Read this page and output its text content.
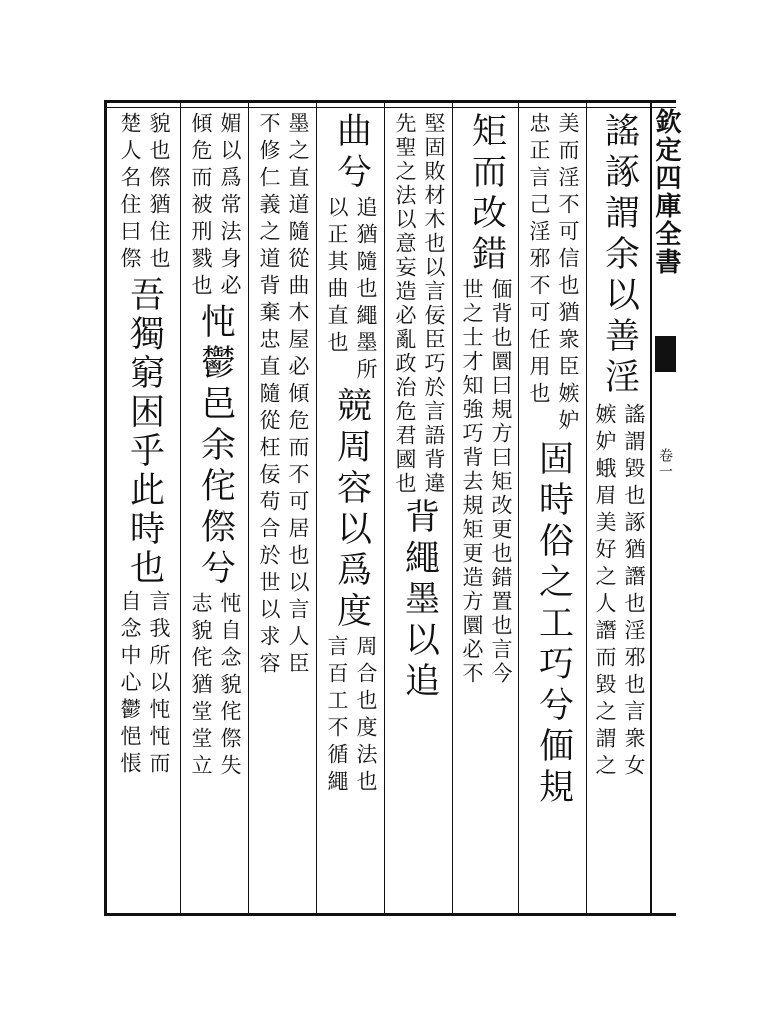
欽定四庫全書
卷一
謠諑謂余以善淫
謠謂毀也諑猶譖也淫邪也言衆女
嫉妒蛾眉美好之人譖而毀之謂之
美而淫不可信也猶衆臣嫉妒
忠正言己淫邪不可任用也
固時俗之工巧兮偭規
矩而改錯
偭背也圜曰規方曰矩改更也錯置也言今
世之士才知強巧背去規矩更造方圜必不
堅固敗材木也以言佞臣巧於言語背違
先聖之法以意妄造必亂政治危君國也
背繩墨以追
曲兮
追猶隨也繩墨所
以正其曲直也
競周容以爲度
周合也度法也
言百工不循繩
墨之直道隨從曲木屋必傾危而不可居也以言人臣
不修仁義之道背棄忠直隨從枉佞苟合於世以求容
媚以爲常法身必
傾危而被刑戮也
忳鬱邑余侘傺兮
忳自念貌侘傺失
志貌侘猶堂堂立
貌也傺猶住也
楚人名住曰傺
吾獨窮困乎此時也
言我所以忳忳而
自念中心鬱悒悵
